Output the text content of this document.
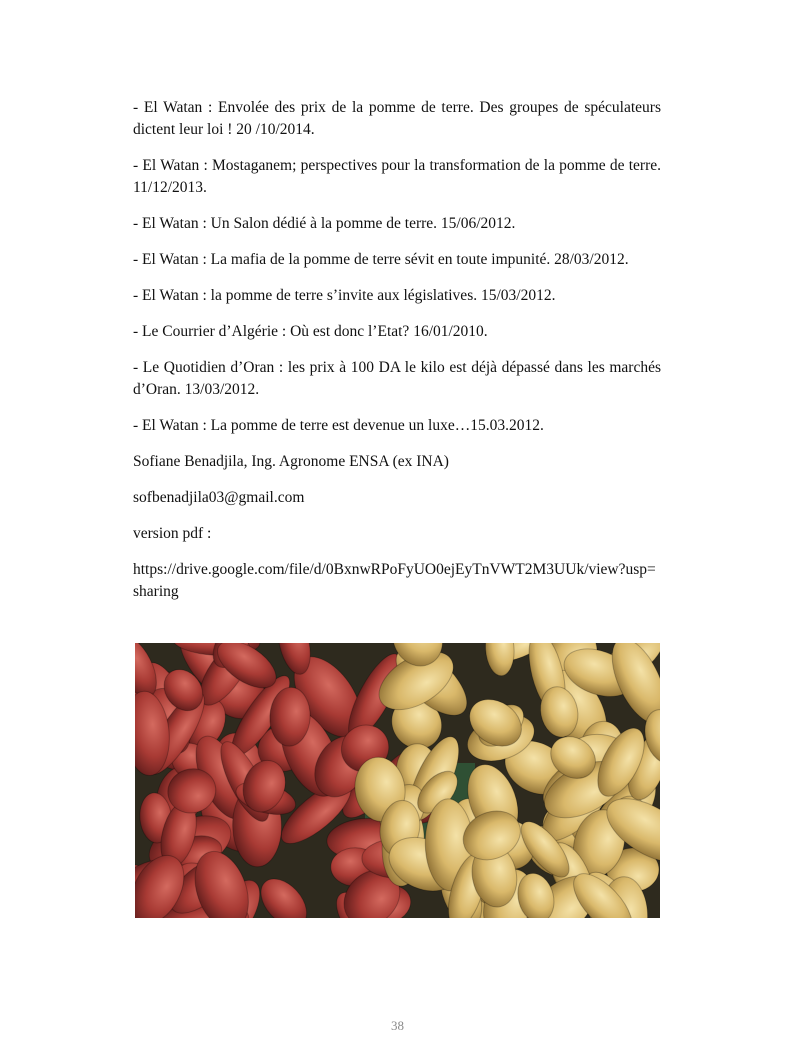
- El Watan : Envolée des prix de la pomme de terre. Des groupes de spéculateurs dictent leur loi ! 20 /10/2014.

- El Watan : Mostaganem; perspectives pour la transformation de la pomme de terre. 11/12/2013.

- El Watan : Un Salon dédié à la pomme de terre. 15/06/2012.

- El Watan : La mafia de la pomme de terre sévit en toute impunité. 28/03/2012.

- El Watan : la pomme de terre s’invite aux législatives. 15/03/2012.

- Le Courrier d’Algérie : Où est donc l’Etat? 16/01/2010.

- Le Quotidien d’Oran : les prix à 100 DA le kilo est déjà dépassé dans les marchés d’Oran. 13/03/2012.

- El Watan : La pomme de terre est devenue un luxe…15.03.2012.

Sofiane Benadjila, Ing. Agronome ENSA (ex INA)

sofbenadjila03@gmail.com

version pdf :

https://drive.google.com/file/d/0BxnwRPoFyUO0ejEyTnVWT2M3UUk/view?usp=sharing

38
